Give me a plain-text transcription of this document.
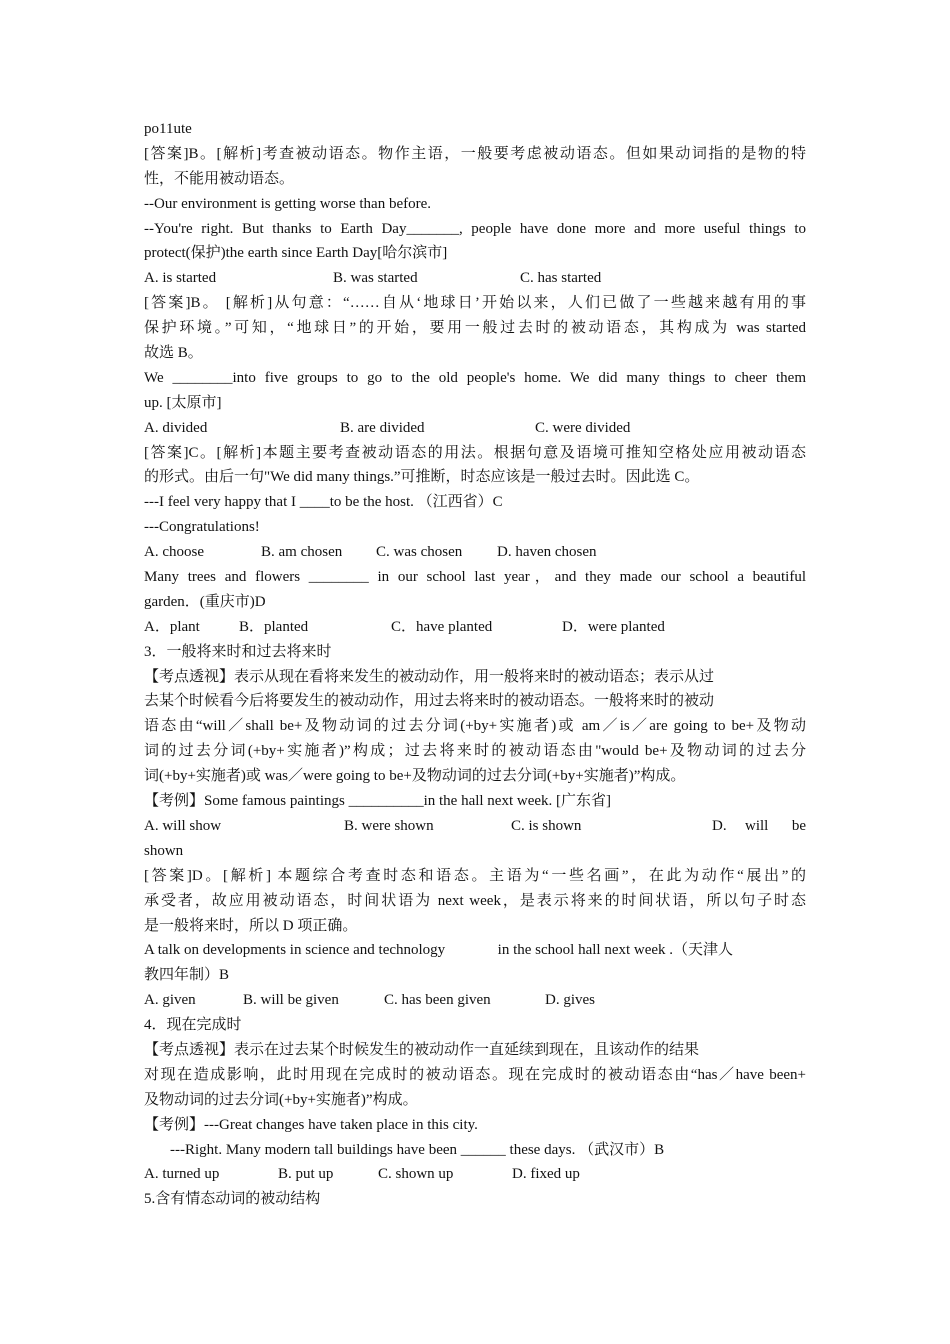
po11ute
[答案]B。[解析]考查被动语态。物作主语，一般要考虑被动语态。但如果动词指的是物的特
性，不能用被动语态。
--Our environment is getting worse than before.
--You're right. But thanks to Earth Day_______, people have done more and more useful things to
protect(保护)the earth since Earth Day[哈尔滨市]
A. is started	B. was started	C. has started
[答案]B。 [解析]从句意：“……自从‘地球日’开始以来，人们已做了一些越来越有用的事
保护环境。”可知，“地球日”的开始，要用一般过去时的被动语态，其构成为 was started
故选 B。
We ________into five groups to go to the old people's home. We did many things to cheer them
up. [太原市]
A. divided	B. are divided	C. were divided
[答案]C。[解析]本题主要考查被动语态的用法。根据句意及语境可推知空格处应用被动语态
的形式。由后一句"We did many things.”可推断，时态应该是一般过去时。因此选 C。
---I feel very happy that I ____to be the host. （江西省）C
---Congratulations!
A. choose	B. am chosen	C. was chosen	D. haven chosen
Many trees and flowers ________ in our school last year，and they made our school a beautiful
garden．(重庆市)D
A．plant	B．planted	C．have planted	D．were planted
3．一般将来时和过去将来时
【考点透视】表示从现在看将来发生的被动动作，用一般将来时的被动语态；表示从过
去某个时候看今后将要发生的被动动作，用过去将来时的被动语态。一般将来时的被动
语态由“will／shall be+及物动词的过去分词(+by+实施者)或 am／is／are going to be+及物动
词的过去分词(+by+实施者)”构成；过去将来时的被动语态由"would be+及物动词的过去分
词(+by+实施者)或 was／were going to be+及物动词的过去分词(+by+实施者)”构成。
【考例】Some famous paintings __________in the hall next week. [广东省]
A. will show	B. were shown	C. is shown	D.	will	be
shown
[答案]D。[解析] 本题综合考查时态和语态。主语为“一些名画”，在此为动作“展出”的
承受者，故应用被动语态，时间状语为 next week，是表示将来的时间状语，所以句子时态
是一般将来时，所以 D 项正确。
A talk on developments in science and technology              in the school hall next week .（天津人
教四年制）B
A. given	B. will be given	C. has been given	D. gives
4．现在完成时
【考点透视】表示在过去某个时候发生的被动动作一直延续到现在，且该动作的结果
对现在造成影响，此时用现在完成时的被动语态。现在完成时的被动语态由“has／have been+
及物动词的过去分词(+by+实施者)”构成。
【考例】---Great changes have taken place in this city.
---Right. Many modern tall buildings have been ______ these days. （武汉市）B
A. turned up	B. put up	C. shown up	D. fixed up
5.含有情态动词的被动结构
